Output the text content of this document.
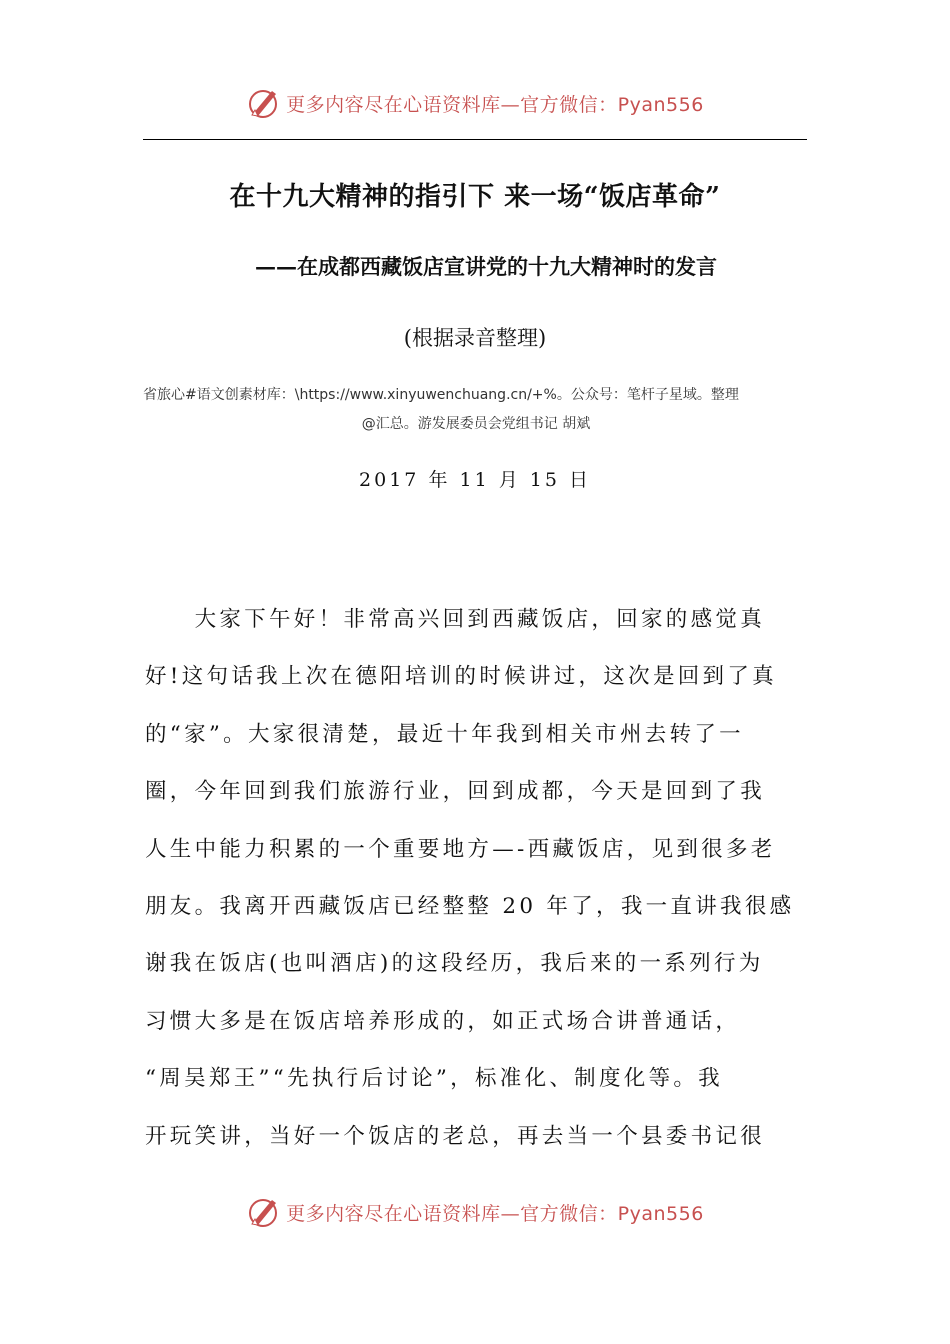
更多内容尽在心语资料库—官方微信：Pyan556
在十九大精神的指引下 来一场“饭店革命”
——在成都西藏饭店宣讲党的十九大精神时的发言
(根据录音整理)
省旅心#语文创素材库：\https://www.xinyuwenchuang.cn/+%。公众号：笔杆子星域。整理
@汇总。游发展委员会党组书记 胡斌
2017 年 11 月 15 日
　　大家下午好！非常高兴回到西藏饭店，回家的感觉真
好!这句话我上次在德阳培训的时候讲过，这次是回到了真
的“家”。大家很清楚，最近十年我到相关市州去转了一
圈，今年回到我们旅游行业，回到成都，今天是回到了我
人生中能力积累的一个重要地方—-西藏饭店，见到很多老
朋友。我离开西藏饭店已经整整 20 年了，我一直讲我很感
谢我在饭店(也叫酒店)的这段经历，我后来的一系列行为
习惯大多是在饭店培养形成的，如正式场合讲普通话，
“周吴郑王”“先执行后讨论”，标准化、制度化等。我
开玩笑讲，当好一个饭店的老总，再去当一个县委书记很
更多内容尽在心语资料库—官方微信：Pyan556
